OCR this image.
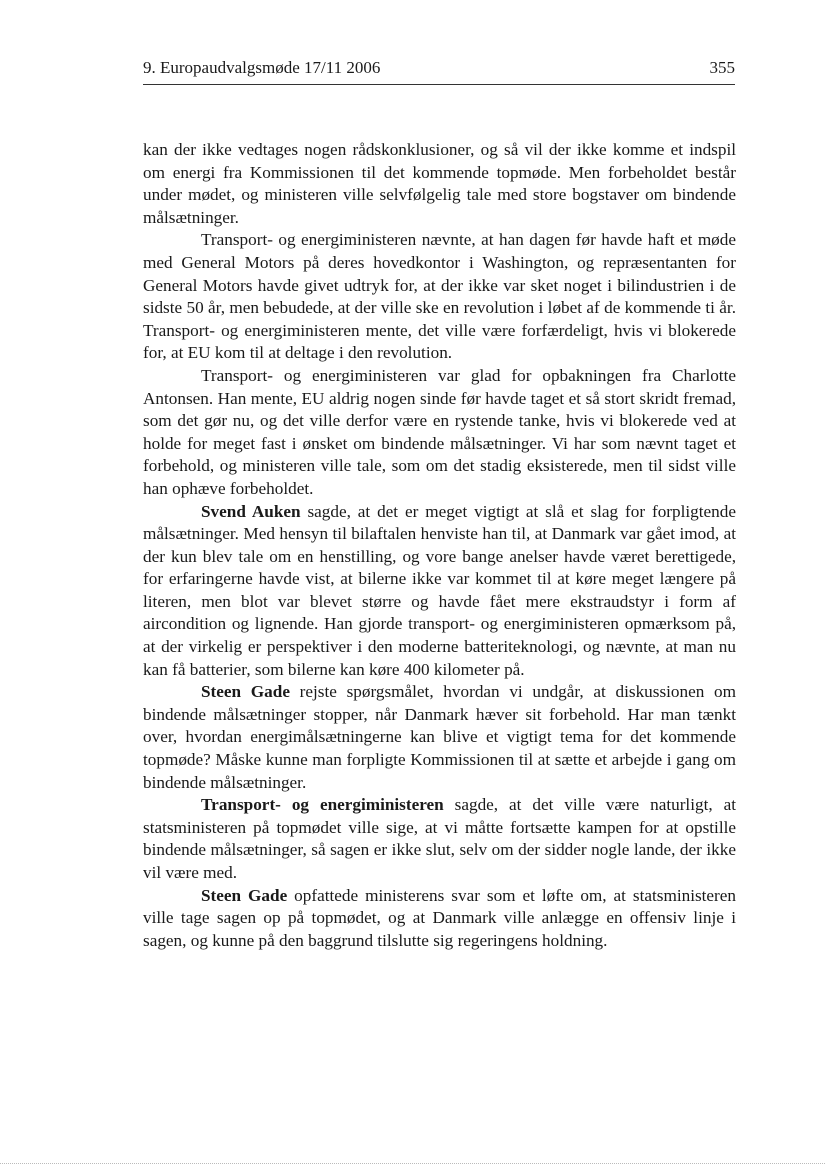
9. Europaudvalgsmøde 17/11 2006	355

kan der ikke vedtages nogen rådskonklusioner, og så vil der ikke komme et indspil om energi fra Kommissionen til det kommende topmøde. Men forbeholdet består under mødet, og ministeren ville selvfølgelig tale med store bogstaver om bindende målsætninger.

Transport- og energiministeren nævnte, at han dagen før havde haft et møde med General Motors på deres hovedkontor i Washington, og repræsentanten for General Motors havde givet udtryk for, at der ikke var sket noget i bilindustrien i de sidste 50 år, men bebudede, at der ville ske en revolution i løbet af de kommende ti år. Transport- og energiministeren mente, det ville være forfærdeligt, hvis vi blokerede for, at EU kom til at deltage i den revolution.

Transport- og energiministeren var glad for opbakningen fra Charlotte Antonsen. Han mente, EU aldrig nogen sinde før havde taget et så stort skridt fremad, som det gør nu, og det ville derfor være en rystende tanke, hvis vi blokerede ved at holde for meget fast i ønsket om bindende målsætninger. Vi har som nævnt taget et forbehold, og ministeren ville tale, som om det stadig eksisterede, men til sidst ville han ophæve forbeholdet.

Svend Auken sagde, at det er meget vigtigt at slå et slag for forpligtende målsætninger. Med hensyn til bilaftalen henviste han til, at Danmark var gået imod, at der kun blev tale om en henstilling, og vore bange anelser havde været berettigede, for erfaringerne havde vist, at bilerne ikke var kommet til at køre meget længere på literen, men blot var blevet større og havde fået mere ekstraudstyr i form af aircondition og lignende. Han gjorde transport- og energiministeren opmærksom på, at der virkelig er perspektiver i den moderne batteriteknologi, og nævnte, at man nu kan få batterier, som bilerne kan køre 400 kilometer på.

Steen Gade rejste spørgsmålet, hvordan vi undgår, at diskussionen om bindende målsætninger stopper, når Danmark hæver sit forbehold. Har man tænkt over, hvordan energimålsætningerne kan blive et vigtigt tema for det kommende topmøde? Måske kunne man forpligte Kommissionen til at sætte et arbejde i gang om bindende målsætninger.

Transport- og energiministeren sagde, at det ville være naturligt, at statsministeren på topmødet ville sige, at vi måtte fortsætte kampen for at opstille bindende målsætninger, så sagen er ikke slut, selv om der sidder nogle lande, der ikke vil være med.

Steen Gade opfattede ministerens svar som et løfte om, at statsministeren ville tage sagen op på topmødet, og at Danmark ville anlægge en offensiv linje i sagen, og kunne på den baggrund tilslutte sig regeringens holdning.
